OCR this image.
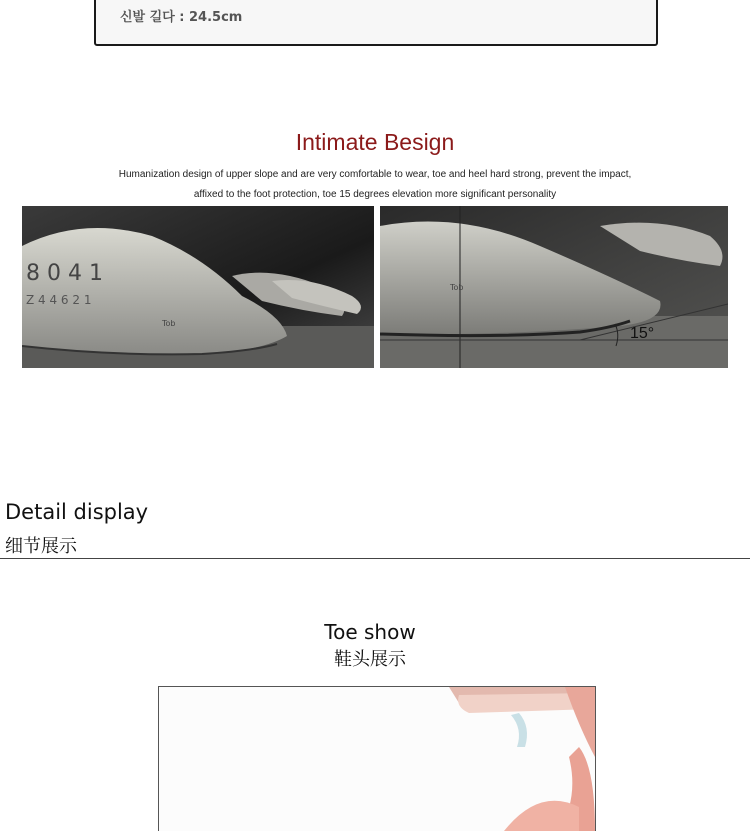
신발 길다 : 24.5cm
Intimate Besign
Humanization design of upper slope and are very comfortable to wear, toe and heel hard strong, prevent the impact,
affixed to the foot protection, toe 15 degrees elevation more significant personality
8 0 4 1
Z 4 4 6 2 1
Tob
Tob
15°
Detail display
细节展示
Toe show
鞋头展示
